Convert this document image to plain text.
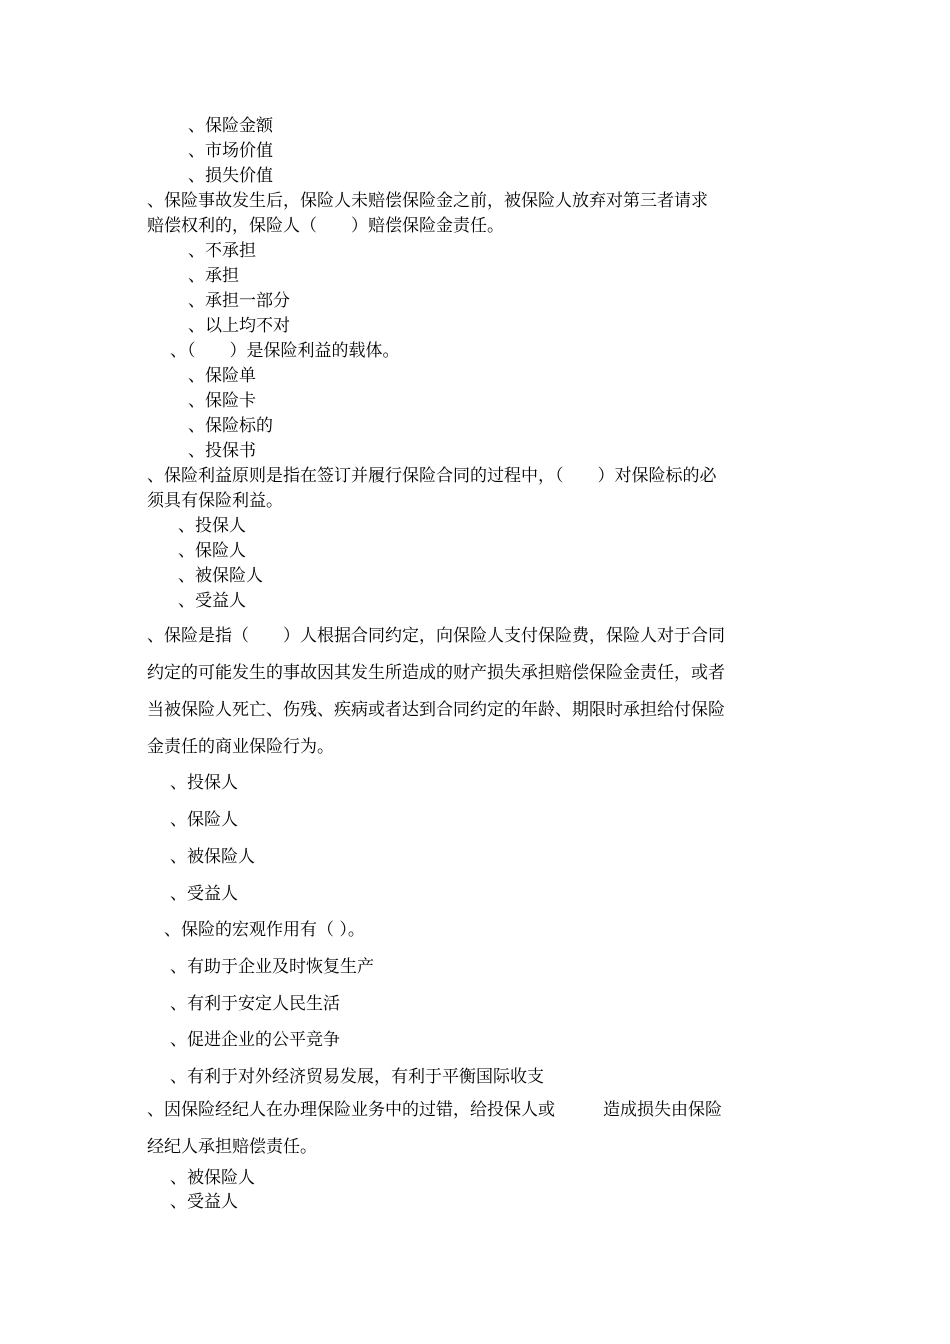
、保险金额
、市场价值
、损失价值
、保险事故发生后，保险人未赔偿保险金之前，被保险人放弃对第三者请求
赔偿权利的，保险人（　　）赔偿保险金责任。
、不承担
、承担
、承担一部分
、以上均不对
、（　　）是保险利益的载体。
、保险单
、保险卡
、保险标的
、投保书
、保险利益原则是指在签订并履行保险合同的过程中，（　　）对保险标的必
须具有保险利益。
、投保人
、保险人
、被保险人
、受益人
、保险是指（　　）人根据合同约定，向保险人支付保险费，保险人对于合同
约定的可能发生的事故因其发生所造成的财产损失承担赔偿保险金责任，或者
当被保险人死亡、伤残、疾病或者达到合同约定的年龄、期限时承担给付保险
金责任的商业保险行为。
、投保人
、保险人
、被保险人
、受益人
、保险的宏观作用有（ ）。
、有助于企业及时恢复生产
、有利于安定人民生活
、促进企业的公平竞争
、有利于对外经济贸易发展，有利于平衡国际收支
、因保险经纪人在办理保险业务中的过错，给投保人或	造成损失由保险
经纪人承担赔偿责任。
、被保险人
、受益人
